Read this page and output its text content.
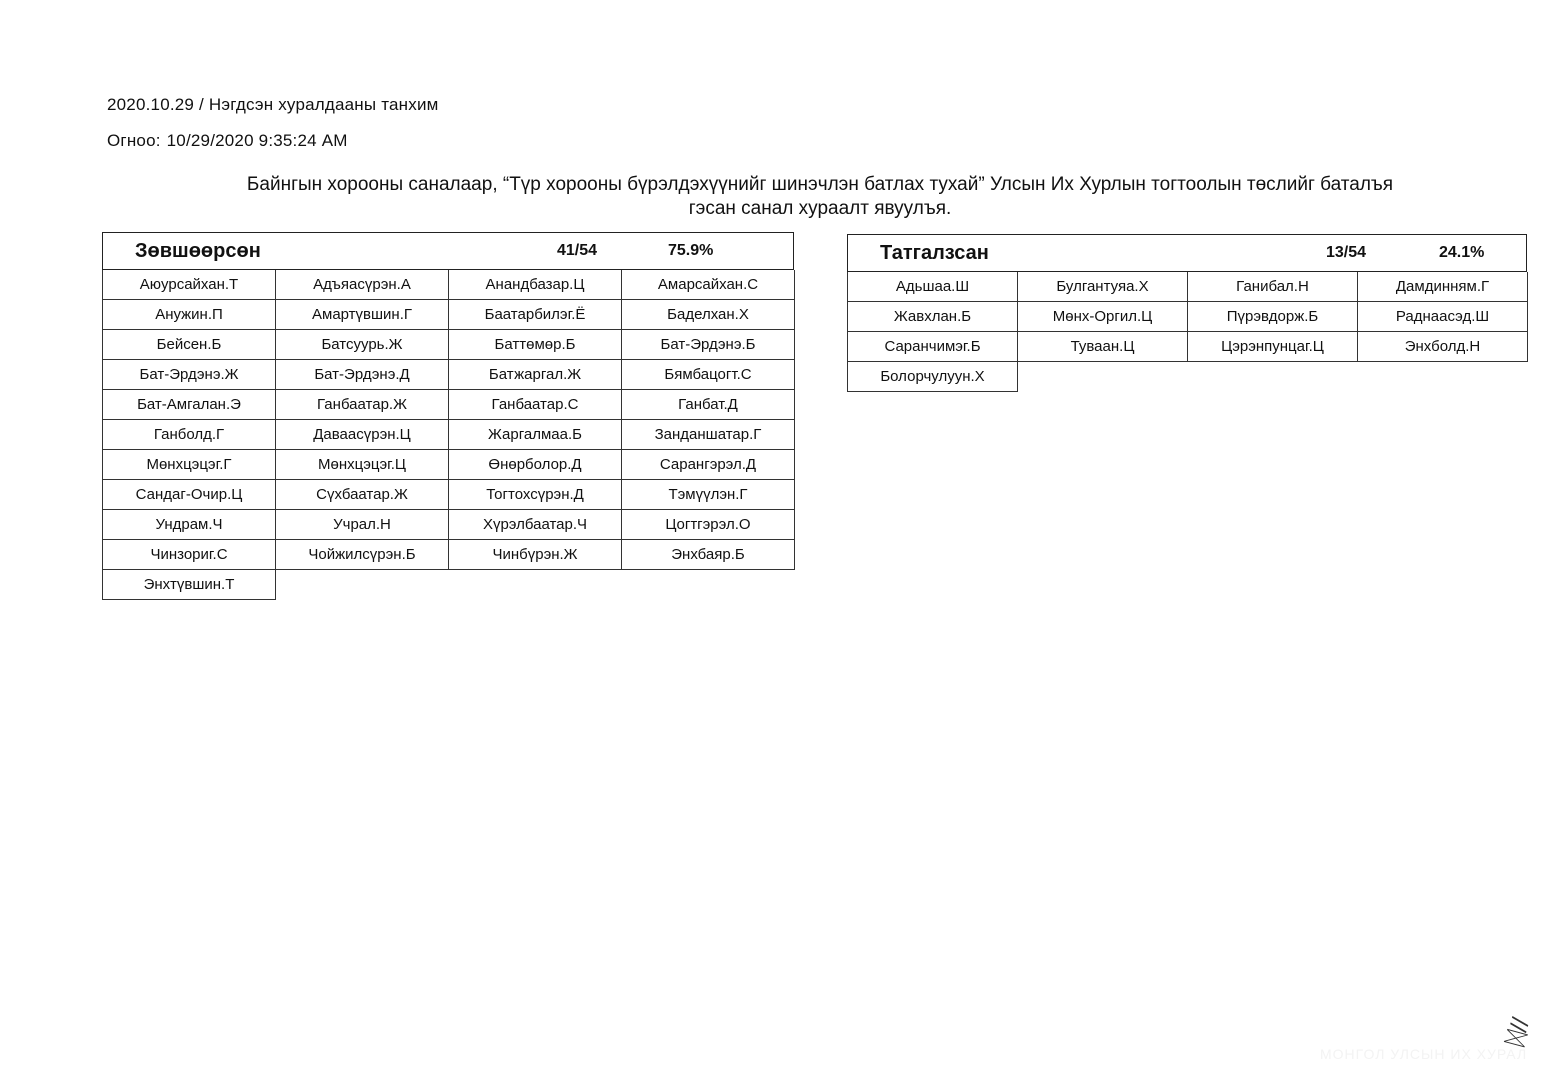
2020.10.29 / Нэгдсэн хуралдааны танхим
Огноо: 10/29/2020 9:35:24 AM
Байнгын хорооны саналаар, “Түр хорооны бүрэлдэхүүнийг шинэчлэн батлах тухай” Улсын Их Хурлын тогтоолын төслийг баталъя
гэсан санал хураалт явуулъя.
Зөвшөөрсөн	41/54	75.9%
Аюурсайхан.Т	Адъяасүрэн.А	Анандбазар.Ц	Амарсайхан.С
Анужин.П	Амартүвшин.Г	Баатарбилэг.Ё	Баделхан.Х
Бейсен.Б	Батсуурь.Ж	Баттөмөр.Б	Бат-Эрдэнэ.Б
Бат-Эрдэнэ.Ж	Бат-Эрдэнэ.Д	Батжаргал.Ж	Бямбацогт.С
Бат-Амгалан.Э	Ганбаатар.Ж	Ганбаатар.С	Ганбат.Д
Ганболд.Г	Даваасүрэн.Ц	Жаргалмаа.Б	Занданшатар.Г
Мөнхцэцэг.Г	Мөнхцэцэг.Ц	Өнөрболор.Д	Сарангэрэл.Д
Сандаг-Очир.Ц	Сүхбаатар.Ж	Тогтохсүрэн.Д	Тэмүүлэн.Г
Ундрам.Ч	Учрал.Н	Хүрэлбаатар.Ч	Цогтгэрэл.О
Чинзориг.С	Чойжилсүрэн.Б	Чинбүрэн.Ж	Энхбаяр.Б
Энхтүвшин.Т
Татгалзсан	13/54	24.1%
Адьшаа.Ш	Булгантуяа.Х	Ганибал.Н	Дамдинням.Г
Жавхлан.Б	Мөнх-Оргил.Ц	Пүрэвдорж.Б	Раднаасэд.Ш
Саранчимэг.Б	Туваан.Ц	Цэрэнпунцаг.Ц	Энхболд.Н
Болорчулуун.Х
ᛞ//
МОНГОЛ УЛСЫН ИХ ХУРАЛ
